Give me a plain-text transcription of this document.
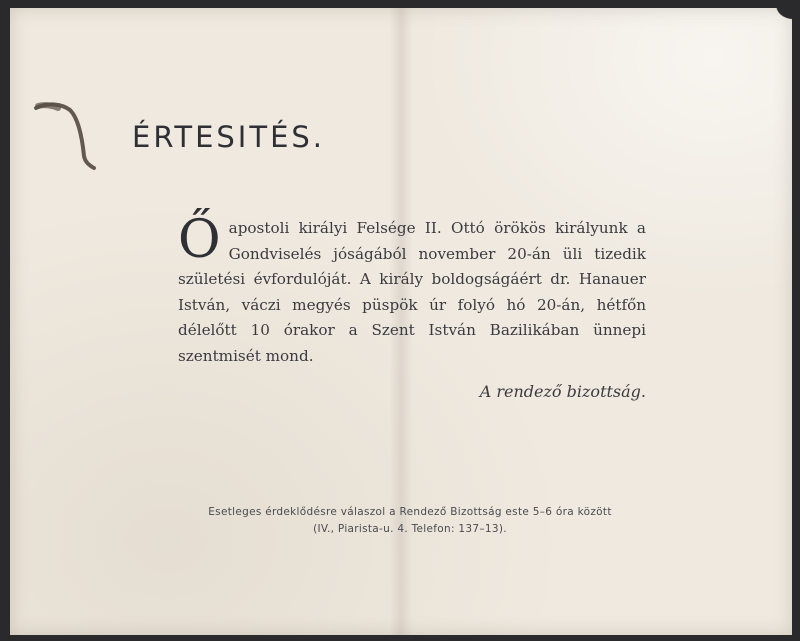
ÉRTESITÉS.
Ő apostoli királyi Felsége II. Ottó örökös királyunk a Gondviselés jóságából november 20-án üli tizedik születési évfordulóját. A király boldogságáért dr. Hanauer István, váczi megyés püspök úr folyó hó 20-án, hétfőn délelőtt 10 órakor a Szent István Bazilikában ünnepi szentmisét mond.
A rendező bizottság.
Esetleges érdeklődésre válaszol a Rendező Bizottság este 5–6 óra között
(IV., Piarista-u. 4. Telefon: 137–13).
